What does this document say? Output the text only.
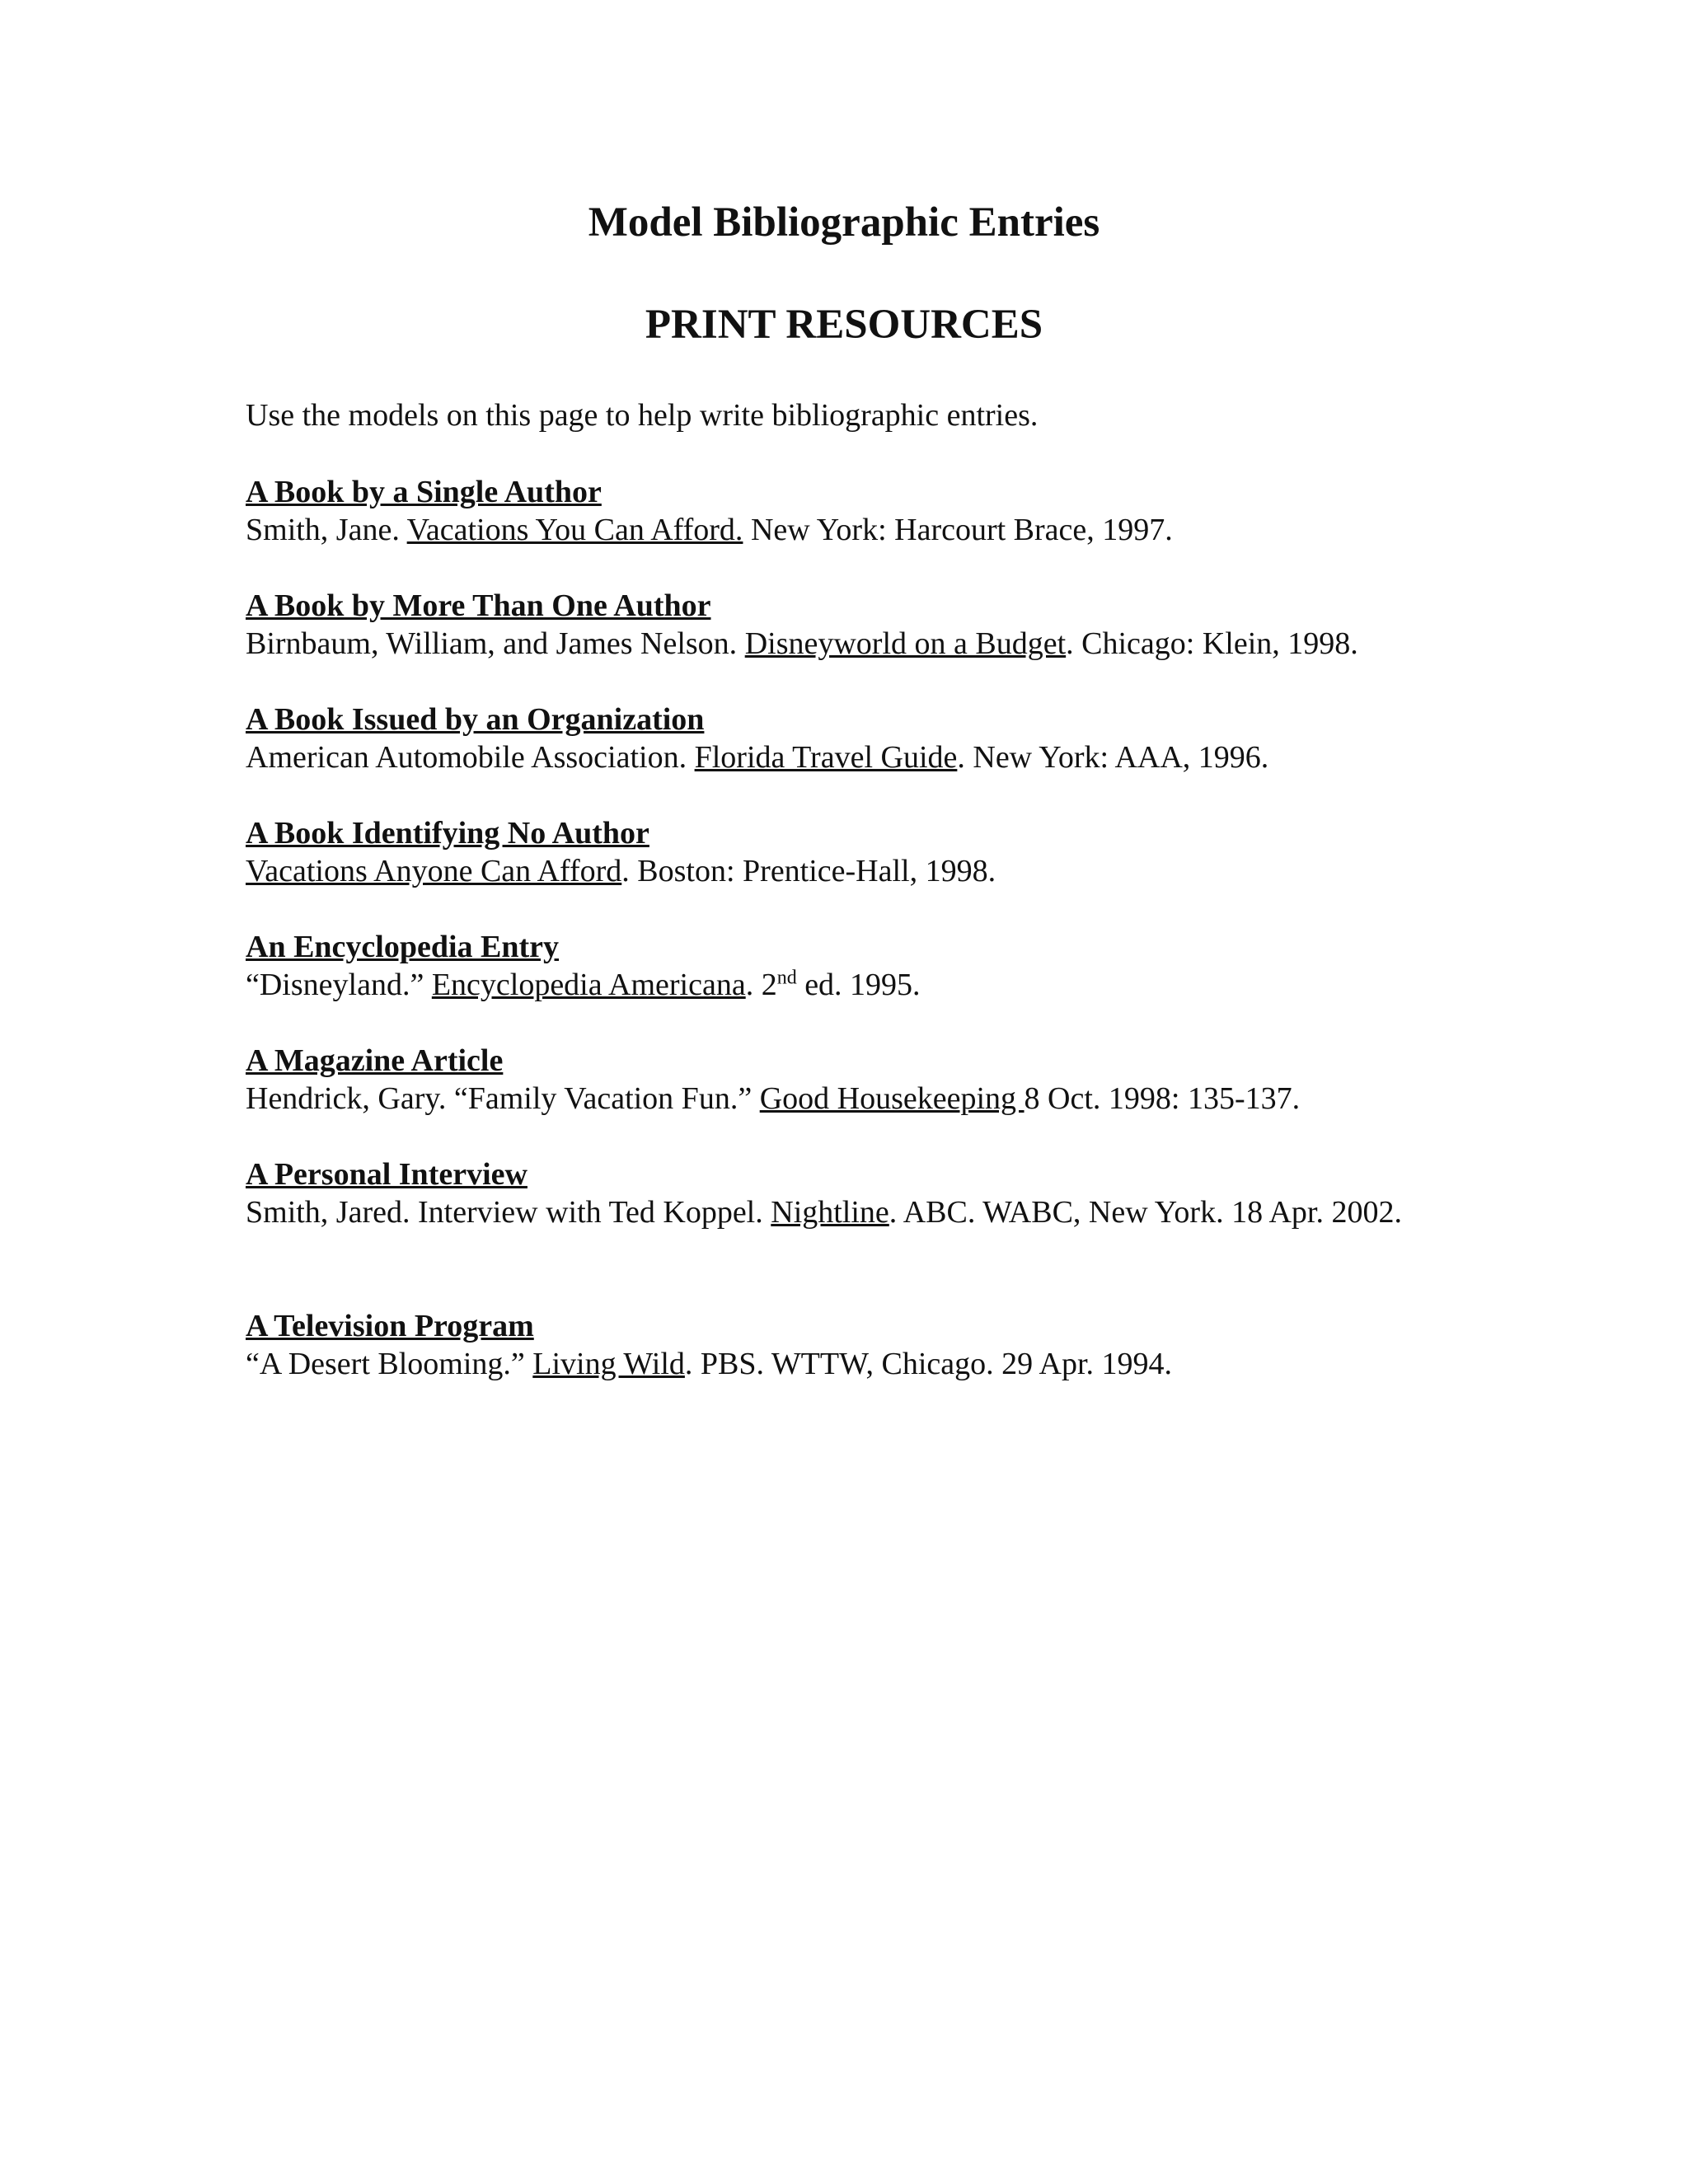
Model Bibliographic Entries
PRINT RESOURCES

Use the models on this page to help write bibliographic entries.

A Book by a Single Author
Smith, Jane. Vacations You Can Afford. New York: Harcourt Brace, 1997.
A Book by More Than One Author
Birnbaum, William, and James Nelson. Disneyworld on a Budget. Chicago: Klein, 1998.
A Book Issued by an Organization
American Automobile Association. Florida Travel Guide. New York: AAA, 1996.
A Book Identifying No Author
Vacations Anyone Can Afford. Boston: Prentice-Hall, 1998.
An Encyclopedia Entry
“Disneyland.” Encyclopedia Americana. 2nd ed. 1995.
A Magazine Article
Hendrick, Gary. “Family Vacation Fun.” Good Housekeeping 8 Oct. 1998: 135-137.
A Personal Interview
Smith, Jared. Interview with Ted Koppel. Nightline. ABC. WABC, New York. 18 Apr. 2002.
A Television Program
“A Desert Blooming.” Living Wild. PBS. WTTW, Chicago. 29 Apr. 1994.
